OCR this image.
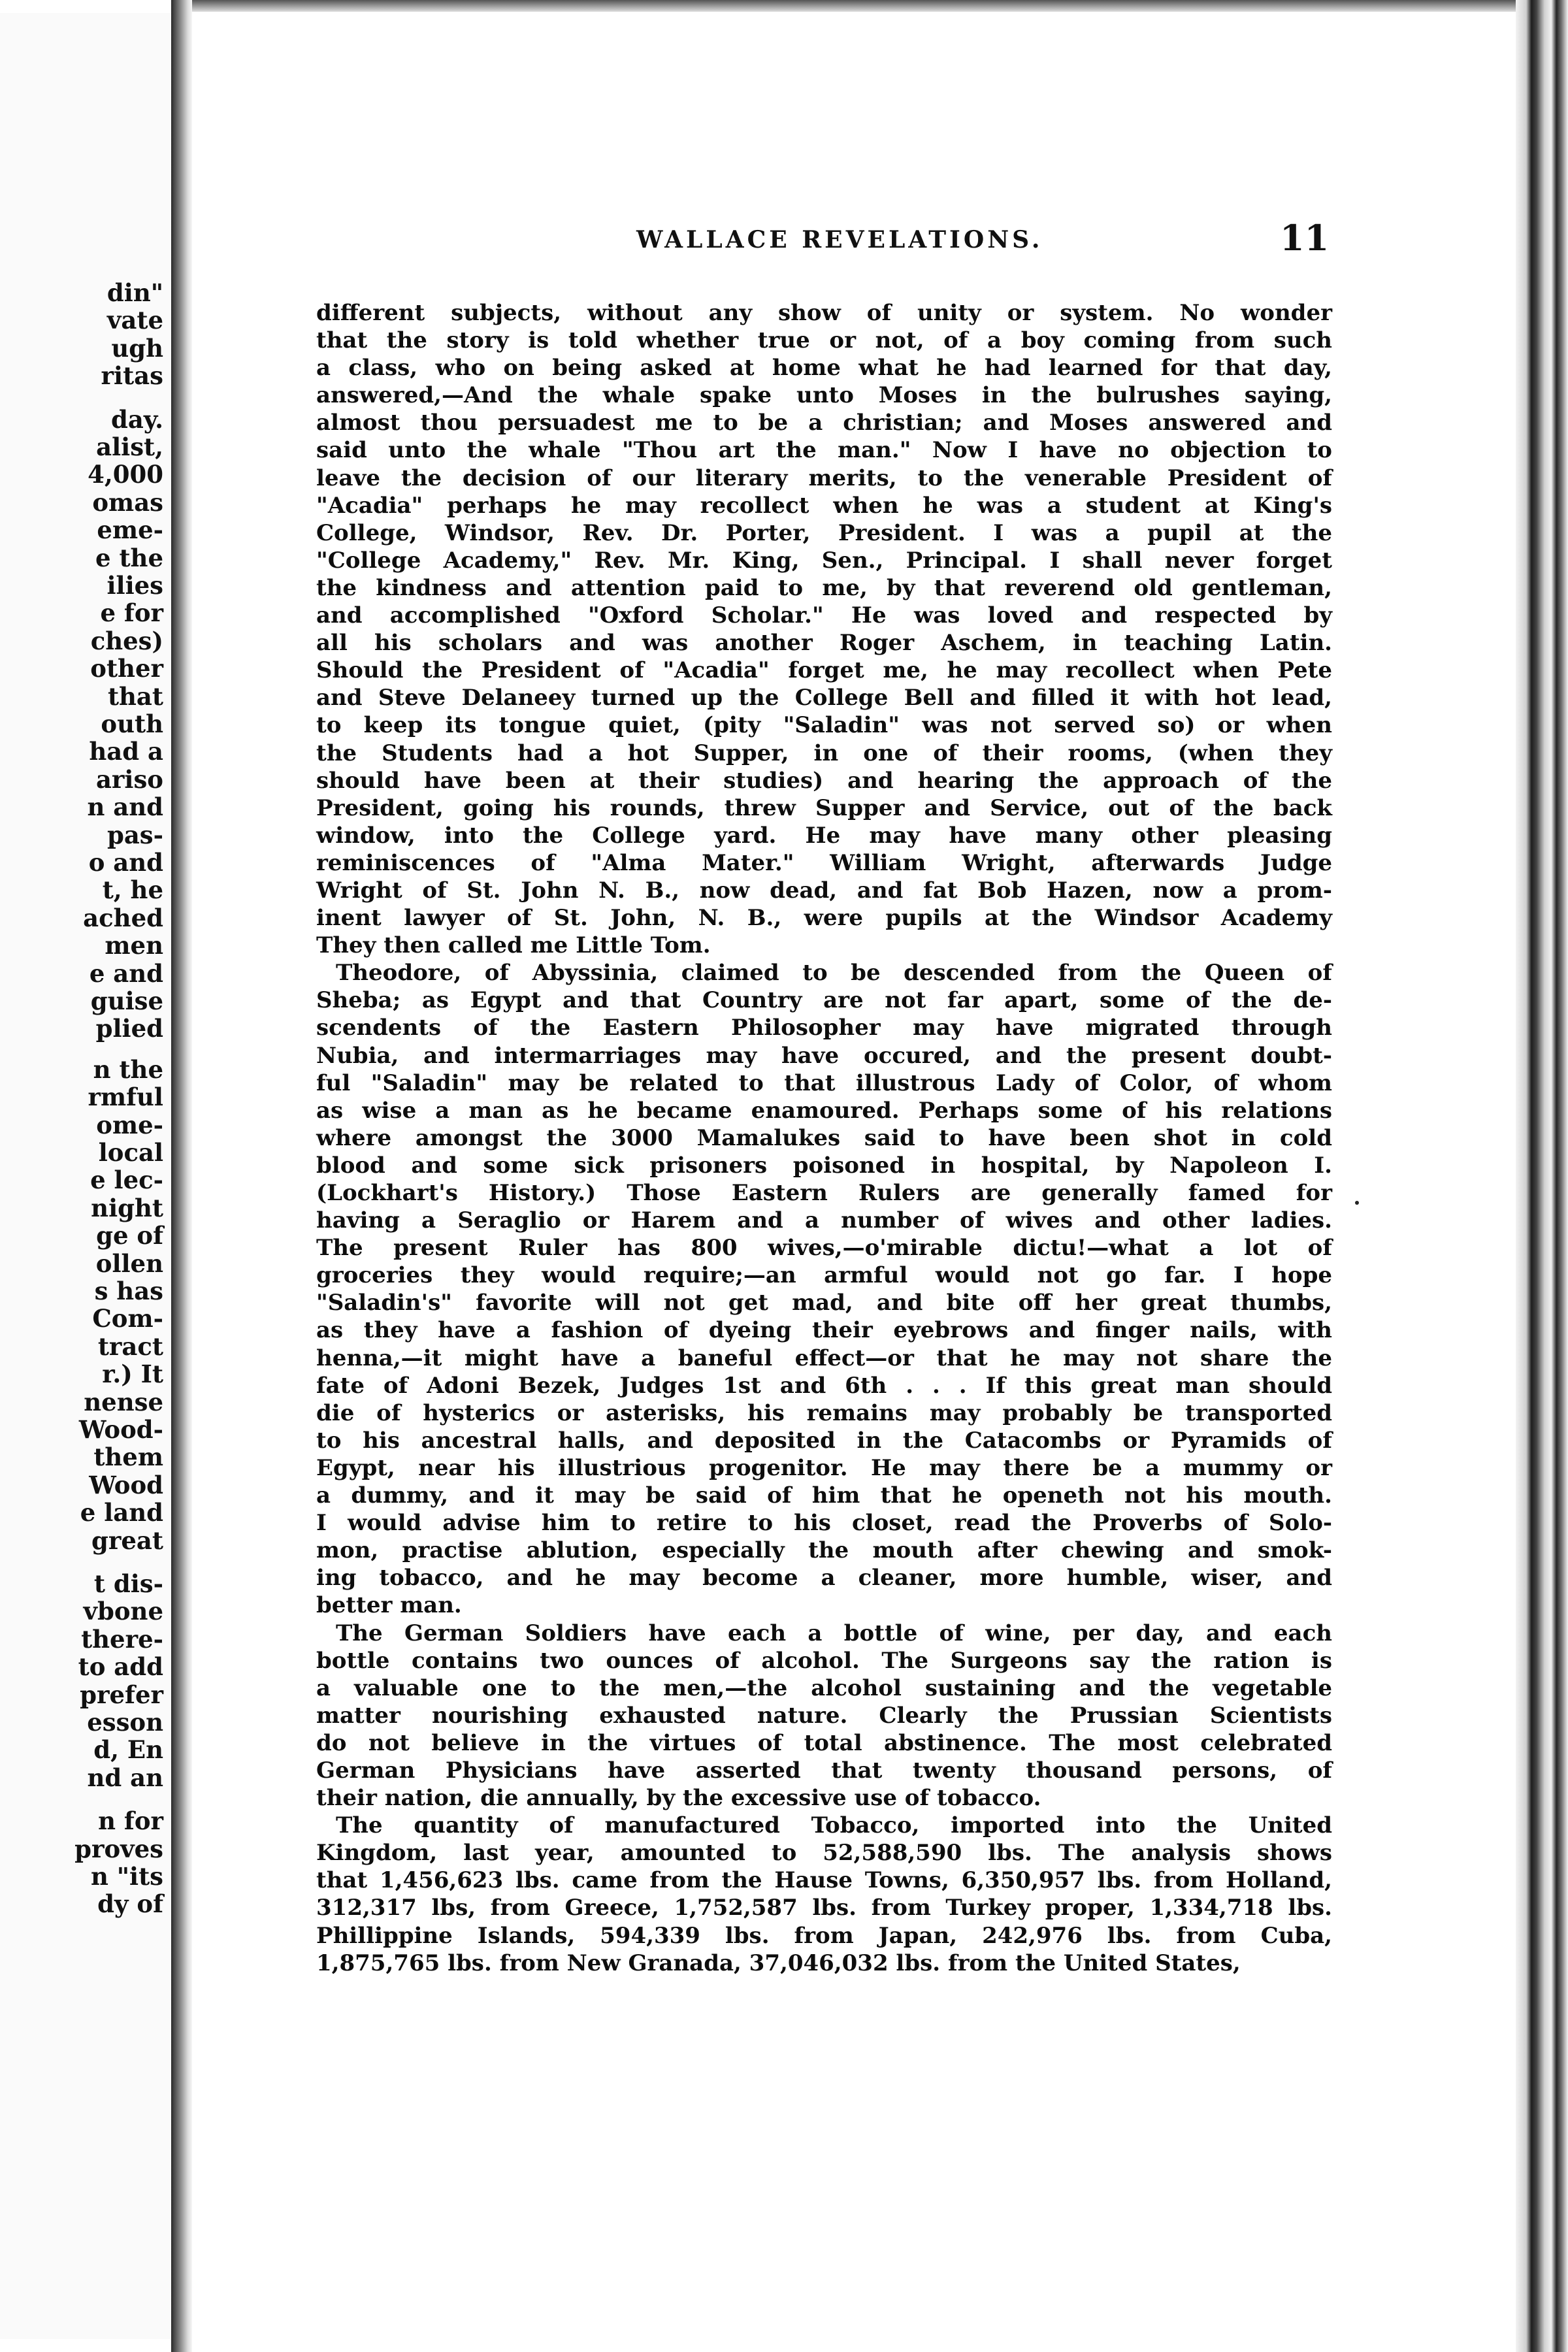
din"
vate
ugh
ritas
day.
alist,
4,000
omas
eme-
e the
ilies
e for
ches)
other
that
outh
had a
ariso
n and
pas-
o and
t, he
ached
men
e and
guise
plied
n the
rmful
ome-
local
e lec-
night
ge of
ollen
s has
Com-
tract
r.) It
nense
Wood-
them
Wood
e land
great
t dis-
vbone
there-
to add
prefer
esson
d, En
nd an
n for
proves
n "its
dy of
WALLACE REVELATIONS.	11
different subjects, without any show of unity or system. No wonder
that the story is told whether true or not, of a boy coming from such
a class, who on being asked at home what he had learned for that day,
answered,—And the whale spake unto Moses in the bulrushes saying,
almost thou persuadest me to be a christian; and Moses answered and
said unto the whale "Thou art the man." Now I have no objection to
leave the decision of our literary merits, to the venerable President of
"Acadia" perhaps he may recollect when he was a student at King's
College, Windsor, Rev. Dr. Porter, President. I was a pupil at the
"College Academy," Rev. Mr. King, Sen., Principal. I shall never forget
the kindness and attention paid to me, by that reverend old gentleman,
and accomplished "Oxford Scholar." He was loved and respected by
all his scholars and was another Roger Aschem, in teaching Latin.
Should the President of "Acadia" forget me, he may recollect when Pete
and Steve Delaneey turned up the College Bell and filled it with hot lead,
to keep its tongue quiet, (pity "Saladin" was not served so) or when
the Students had a hot Supper, in one of their rooms, (when they
should have been at their studies) and hearing the approach of the
President, going his rounds, threw Supper and Service, out of the back
window, into the College yard. He may have many other pleasing
reminiscences of "Alma Mater." William Wright, afterwards Judge
Wright of St. John N. B., now dead, and fat Bob Hazen, now a prom-
inent lawyer of St. John, N. B., were pupils at the Windsor Academy
They then called me Little Tom.
Theodore, of Abyssinia, claimed to be descended from the Queen of
Sheba; as Egypt and that Country are not far apart, some of the de-
scendents of the Eastern Philosopher may have migrated through
Nubia, and intermarriages may have occured, and the present doubt-
ful "Saladin" may be related to that illustrous Lady of Color, of whom
as wise a man as he became enamoured. Perhaps some of his relations
where amongst the 3000 Mamalukes said to have been shot in cold
blood and some sick prisoners poisoned in hospital, by Napoleon I.
(Lockhart's History.) Those Eastern Rulers are generally famed for
having a Seraglio or Harem and a number of wives and other ladies.
The present Ruler has 800 wives,—o'mirable dictu!—what a lot of
groceries they would require;—an armful would not go far. I hope
"Saladin's" favorite will not get mad, and bite off her great thumbs,
as they have a fashion of dyeing their eyebrows and finger nails, with
henna,—it might have a baneful effect—or that he may not share the
fate of Adoni Bezek, Judges 1st and 6th . . . If this great man should
die of hysterics or asterisks, his remains may probably be transported
to his ancestral halls, and deposited in the Catacombs or Pyramids of
Egypt, near his illustrious progenitor. He may there be a mummy or
a dummy, and it may be said of him that he openeth not his mouth.
I would advise him to retire to his closet, read the Proverbs of Solo-
mon, practise ablution, especially the mouth after chewing and smok-
ing tobacco, and he may become a cleaner, more humble, wiser, and
better man.
The German Soldiers have each a bottle of wine, per day, and each
bottle contains two ounces of alcohol. The Surgeons say the ration is
a valuable one to the men,—the alcohol sustaining and the vegetable
matter nourishing exhausted nature. Clearly the Prussian Scientists
do not believe in the virtues of total abstinence. The most celebrated
German Physicians have asserted that twenty thousand persons, of
their nation, die annually, by the excessive use of tobacco.
The quantity of manufactured Tobacco, imported into the United
Kingdom, last year, amounted to 52,588,590 lbs. The analysis shows
that 1,456,623 lbs. came from the Hause Towns, 6,350,957 lbs. from Holland,
312,317 lbs, from Greece, 1,752,587 lbs. from Turkey proper, 1,334,718 lbs.
Phillippine Islands, 594,339 lbs. from Japan, 242,976 lbs. from Cuba,
1,875,765 lbs. from New Granada, 37,046,032 lbs. from the United States,
